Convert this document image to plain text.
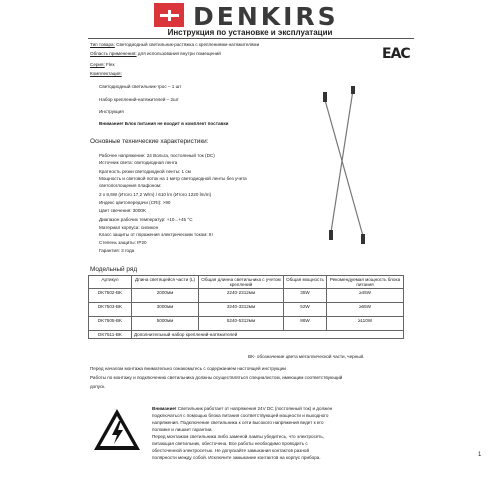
DENKIRS
Инструкция по установке и эксплуатации
Тип товара: Светодиодный светильник-растяжка с креплениями-натяжителями
Область применения: для использования внутри помещений
Серия: Flex
Комплектация:
Светодиодный светильник-трос – 1 шт
Набор креплений-натяжителей – 2шт
Инструкция
Внимание! Блок питания не входит в комплект поставки
EAC
Основные технические характеристики:
Рабочее напряжение: 24 Вольта, постоянный ток (DC)
Источник света: светодиодная лента
Кратность резки светодиодной ленты: 1 см
Мощность и световой поток на 1 метр светодиодной ленты без учета
светопоглощения плафоном:
2 х 8,6W (Итого 17,2 W/m) / 610 lm (Итого 1220 lm/m)
Индекс цветопередачи (CRI): >90
Цвет свечения: 3000K
Диапазон рабочих температур: +10...+45 °C
Материал корпуса: силикон
Класс защиты от поражения электрическим током: III
Степень защиты: IP20
Гарантия: 3 года
Модельный ряд
Артикул	Длина светящейся части (L)	Общая длинна светильника с учетом креплений	Общая мощность	Рекомендуемая мощность блока питания
DK7502-BK	2000мм	2240-2312мм	35W	≥45W
DK7503-BK	3000мм	3240-3312мм	52W	≥65W
DK7505-BK	5000мм	5240-5312мм	86W	≥110W
DK7511-BK	Дополнительный набор креплений-натяжителей			
BK- обозначение цвета металлической части, черный.
Перед началом монтажа внимательно ознакомьтесь с содержанием настоящей инструкции
Работы по монтажу и подключению светильника должны осуществляться специалистом, имеющим соответствующий
допуск.
Внимание! Светильник работает от напряжения 24V DC (постоянный ток) и должен
подключаться с помощью блока питания соответствующей мощности и выходного
напряжения. Подключение светильника к сети высокого напряжения ведет к его
поломке и лишает гарантии.
Перед монтажом светильника либо заменой лампы убедитесь, что электросеть,
питающая светильник, обесточена. Все работы необходимо проводить с
обесточенной электросетью. Не допускайте замыкания контактов разной
полярности между собой. Исключите замыкание контактов на корпус прибора.	1
